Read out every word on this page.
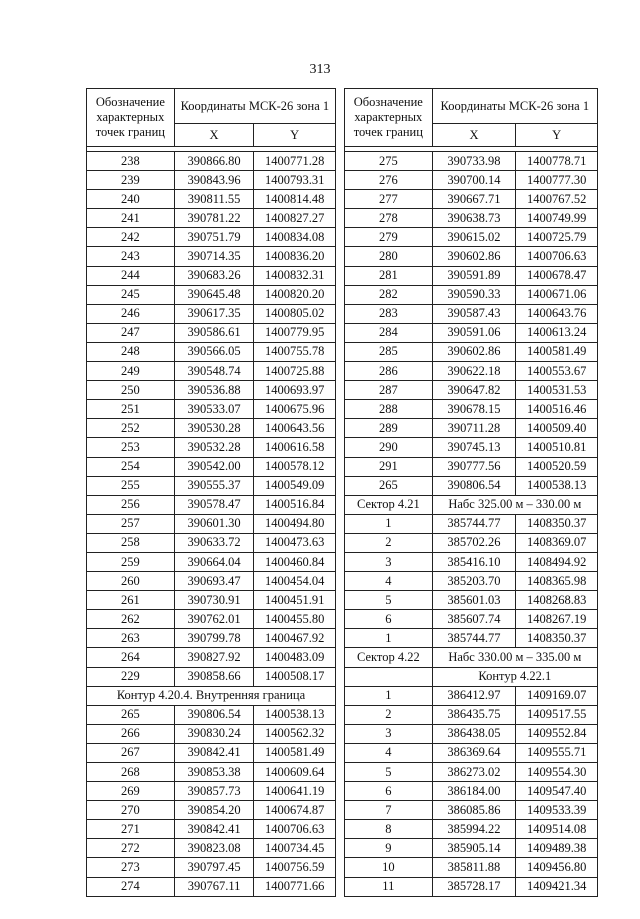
313
Обозначение характерных точек границ	Координаты МСК-26 зона 1	
	X	Y

238	390866.80	1400771.28
239	390843.96	1400793.31
240	390811.55	1400814.48
241	390781.22	1400827.27
242	390751.79	1400834.08
243	390714.35	1400836.20
244	390683.26	1400832.31
245	390645.48	1400820.20
246	390617.35	1400805.02
247	390586.61	1400779.95
248	390566.05	1400755.78
249	390548.74	1400725.88
250	390536.88	1400693.97
251	390533.07	1400675.96
252	390530.28	1400643.56
253	390532.28	1400616.58
254	390542.00	1400578.12
255	390555.37	1400549.09
256	390578.47	1400516.84
257	390601.30	1400494.80
258	390633.72	1400473.63
259	390664.04	1400460.84
260	390693.47	1400454.04
261	390730.91	1400451.91
262	390762.01	1400455.80
263	390799.78	1400467.92
264	390827.92	1400483.09
229	390858.66	1400508.17
Контур 4.20.4. Внутренняя граница		
265	390806.54	1400538.13
266	390830.24	1400562.32
267	390842.41	1400581.49
268	390853.38	1400609.64
269	390857.73	1400641.19
270	390854.20	1400674.87
271	390842.41	1400706.63
272	390823.08	1400734.45
273	390797.45	1400756.59
274	390767.11	1400771.66
Обозначение характерных точек границ	Координаты МСК-26 зона 1	
	X	Y

275	390733.98	1400778.71
276	390700.14	1400777.30
277	390667.71	1400767.52
278	390638.73	1400749.99
279	390615.02	1400725.79
280	390602.86	1400706.63
281	390591.89	1400678.47
282	390590.33	1400671.06
283	390587.43	1400643.76
284	390591.06	1400613.24
285	390602.86	1400581.49
286	390622.18	1400553.67
287	390647.82	1400531.53
288	390678.15	1400516.46
289	390711.28	1400509.40
290	390745.13	1400510.81
291	390777.56	1400520.59
265	390806.54	1400538.13
Сектор 4.21	Набс 325.00 м – 330.00 м	
1	385744.77	1408350.37
2	385702.26	1408369.07
3	385416.10	1408494.92
4	385203.70	1408365.98
5	385601.03	1408268.83
6	385607.74	1408267.19
1	385744.77	1408350.37
Сектор 4.22	Набс 330.00 м – 335.00 м	
	Контур 4.22.1	
1	386412.97	1409169.07
2	386435.75	1409517.55
3	386438.05	1409552.84
4	386369.64	1409555.71
5	386273.02	1409554.30
6	386184.00	1409547.40
7	386085.86	1409533.39
8	385994.22	1409514.08
9	385905.14	1409489.38
10	385811.88	1409456.80
11	385728.17	1409421.34
